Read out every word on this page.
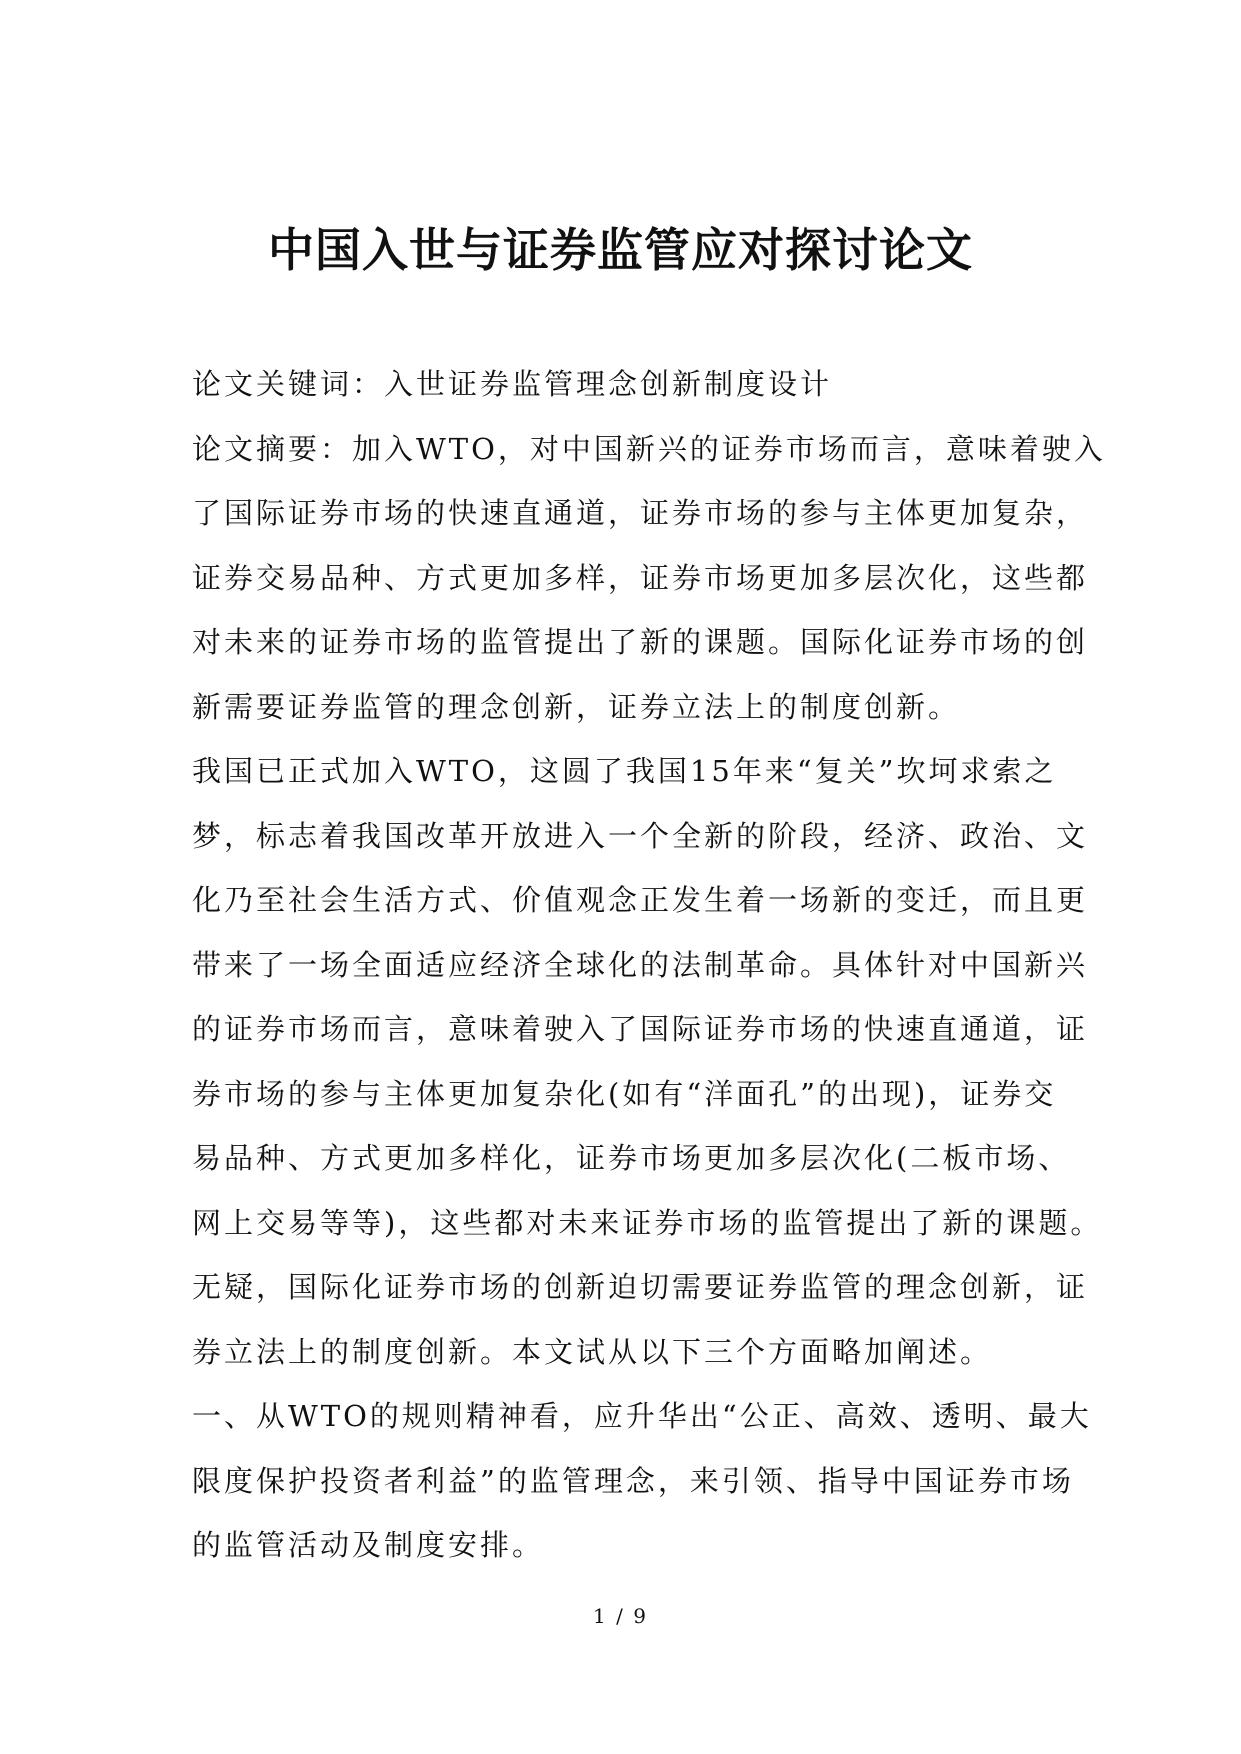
中国入世与证券监管应对探讨论文
论文关键词：入世证券监管理念创新制度设计
论文摘要：加入WTO，对中国新兴的证券市场而言，意味着驶入
了国际证券市场的快速直通道，证券市场的参与主体更加复杂，
证券交易品种、方式更加多样，证券市场更加多层次化，这些都
对未来的证券市场的监管提出了新的课题。国际化证券市场的创
新需要证券监管的理念创新，证券立法上的制度创新。
我国已正式加入WTO，这圆了我国15年来“复关”坎坷求索之
梦，标志着我国改革开放进入一个全新的阶段，经济、政治、文
化乃至社会生活方式、价值观念正发生着一场新的变迁，而且更
带来了一场全面适应经济全球化的法制革命。具体针对中国新兴
的证券市场而言，意味着驶入了国际证券市场的快速直通道，证
券市场的参与主体更加复杂化(如有“洋面孔”的出现)，证券交
易品种、方式更加多样化，证券市场更加多层次化(二板市场、
网上交易等等)，这些都对未来证券市场的监管提出了新的课题。
无疑，国际化证券市场的创新迫切需要证券监管的理念创新，证
券立法上的制度创新。本文试从以下三个方面略加阐述。
一、从WTO的规则精神看，应升华出“公正、高效、透明、最大
限度保护投资者利益”的监管理念，来引领、指导中国证券市场
的监管活动及制度安排。
1 / 9
